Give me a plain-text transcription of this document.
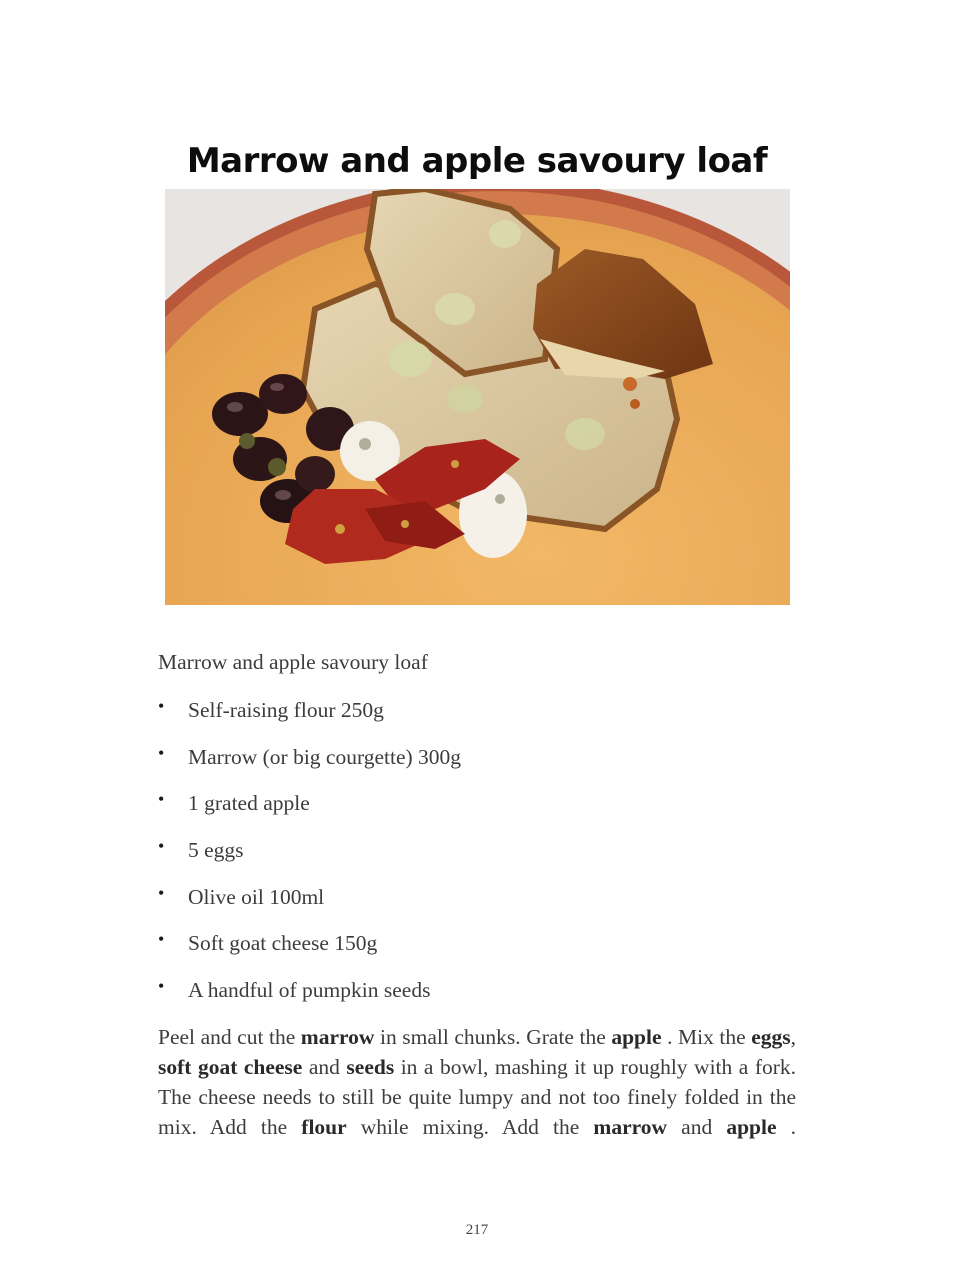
Marrow and apple savoury loaf
Marrow and apple savoury loaf
• Self-raising flour 250g
• Marrow (or big courgette) 300g
• 1 grated apple
• 5 eggs
• Olive oil 100ml
• Soft goat cheese 150g
• A handful of pumpkin seeds

Peel and cut the marrow in small chunks. Grate the apple . Mix the eggs, soft goat cheese and seeds in a bowl, mashing it up roughly with a fork. The cheese needs to still be quite lumpy and not too finely folded in the mix. Add the flour while mixing. Add the marrow and apple .

217
